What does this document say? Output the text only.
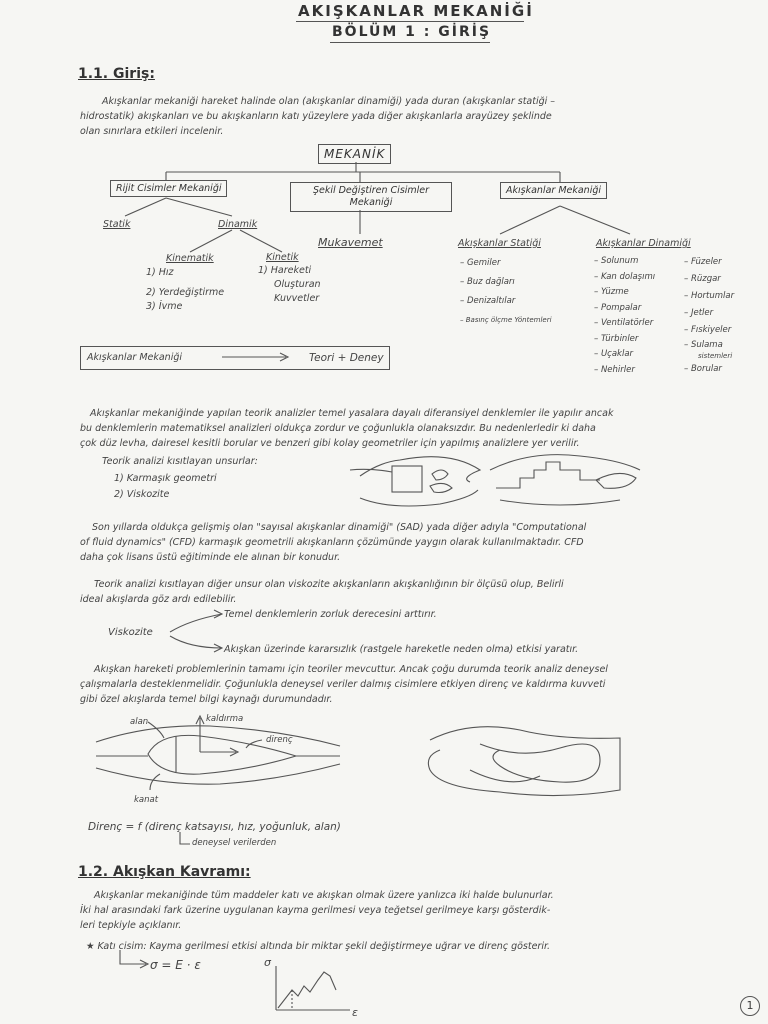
AKIŞKANLAR MEKANİĞİ
BÖLÜM 1 : GİRİŞ
1.1. Giriş:
Akışkanlar mekaniği hareket halinde olan (akışkanlar dinamiği) yada duran (akışkanlar statiği –
hidrostatik) akışkanları ve bu akışkanların katı yüzeylere yada diğer akışkanlarla arayüzey şeklinde
olan sınırlara etkileri incelenir.
MEKANİK
Rijit Cisimler Mekaniği	Şekil Değiştiren Cisimler Mekaniği
Akışkanlar Mekaniği
Statik	Dinamik
Kinematik	Kinetik
1) Hız
2) Yerdeğiştirme
3) İvme
1) Hareketi
Oluşturan
Kuvvetler
Mukavemet	Akışkanlar Statiği
– Gemiler
– Buz dağları
– Denizaltılar
– Basınç ölçme Yöntemleri
Akışkanlar Dinamiği
– Solunum
– Kan dolaşımı
– Yüzme
– Pompalar
– Ventilatörler
– Türbinler
– Uçaklar
– Nehirler
– Füzeler
– Rüzgar
– Hortumlar
– Jetler
– Fıskiyeler
– Sulama
sistemleri
– Borular
Akışkanlar Mekaniği	Teori + Deney
Akışkanlar mekaniğinde yapılan teorik analizler temel yasalara dayalı diferansiyel denklemler ile yapılır ancak
bu denklemlerin matematiksel analizleri oldukça zordur ve çoğunlukla olanaksızdır. Bu nedenlerledir ki daha
çok düz levha, dairesel kesitli borular ve benzeri gibi kolay geometriler için yapılmış analizlere yer verilir.
Teorik analizi kısıtlayan unsurlar:
1) Karmaşık geometri
2) Viskozite
Son yıllarda oldukça gelişmiş olan "sayısal akışkanlar dinamiği" (SAD) yada diğer adıyla "Computational
of fluid dynamics" (CFD) karmaşık geometrili akışkanların çözümünde yaygın olarak kullanılmaktadır. CFD
daha çok lisans üstü eğitiminde ele alınan bir konudur.
Teorik analizi kısıtlayan diğer unsur olan viskozite akışkanların akışkanlığının bir ölçüsü olup, Belirli
ideal akışlarda göz ardı edilebilir.
Viskozite
Temel denklemlerin zorluk derecesini arttırır.
Akışkan üzerinde kararsızlık (rastgele hareketle neden olma) etkisi yaratır.
Akışkan hareketi problemlerinin tamamı için teoriler mevcuttur. Ancak çoğu durumda teorik analiz deneysel
çalışmalarla desteklenmelidir. Çoğunlukla deneysel veriler dalmış cisimlere etkiyen direnç ve kaldırma kuvveti
gibi özel akışlarda temel bilgi kaynağı durumundadır.
alan	kaldırma
direnç
kanat
Direnç = f (direnç katsayısı, hız, yoğunluk, alan)
deneysel verilerden
1.2. Akışkan Kavramı:
Akışkanlar mekaniğinde tüm maddeler katı ve akışkan olmak üzere yanlızca iki halde bulunurlar.
İki hal arasındaki fark üzerine uygulanan kayma gerilmesi veya teğetsel gerilmeye karşı gösterdik-
leri tepkiyle açıklanır.
★ Katı cisim: Kayma gerilmesi etkisi altında bir miktar şekil değiştirmeye uğrar ve direnç gösterir.
σ = E · ε	σ
ε
1
